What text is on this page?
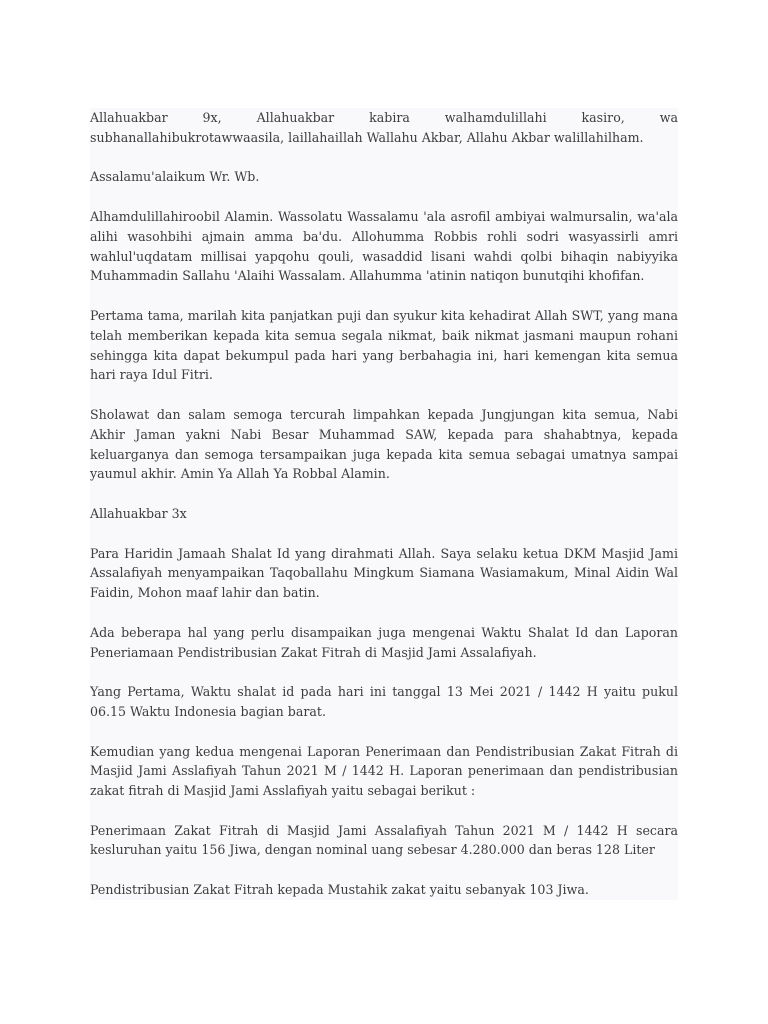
Allahuakbar 9x, Allahuakbar kabira walhamdulillahi kasiro, wa subhanallahibukrotawwaasila, laillahaillah Wallahu Akbar, Allahu Akbar walillahilham.

Assalamu'alaikum Wr. Wb.

Alhamdulillahiroobil Alamin. Wassolatu Wassalamu 'ala asrofil ambiyai walmursalin, wa'ala alihi wasohbihi ajmain amma ba'du. Allohumma Robbis rohli sodri wasyassirli amri wahlul'uqdatam millisai yapqohu qouli, wasaddid lisani wahdi qolbi bihaqin nabiyyika Muhammadin Sallahu 'Alaihi Wassalam. Allahumma 'atinin natiqon bunutqihi khofifan.

Pertama tama, marilah kita panjatkan puji dan syukur kita kehadirat Allah SWT, yang mana telah memberikan kepada kita semua segala nikmat, baik nikmat jasmani maupun rohani sehingga kita dapat bekumpul pada hari yang berbahagia ini, hari kemengan kita semua hari raya Idul Fitri.

Sholawat dan salam semoga tercurah limpahkan kepada Jungjungan kita semua, Nabi Akhir Jaman yakni Nabi Besar Muhammad SAW, kepada para shahabtnya, kepada keluarganya dan semoga tersampaikan juga kepada kita semua sebagai umatnya sampai yaumul akhir. Amin Ya Allah Ya Robbal Alamin.

Allahuakbar 3x

Para Haridin Jamaah Shalat Id yang dirahmati Allah. Saya selaku ketua DKM Masjid Jami Assalafiyah menyampaikan Taqoballahu Mingkum Siamana Wasiamakum, Minal Aidin Wal Faidin, Mohon maaf lahir dan batin.

Ada beberapa hal yang perlu disampaikan juga mengenai Waktu Shalat Id dan Laporan Peneriamaan Pendistribusian Zakat Fitrah di Masjid Jami Assalafiyah.

Yang Pertama, Waktu shalat id pada hari ini tanggal 13 Mei 2021 / 1442 H yaitu pukul 06.15 Waktu Indonesia bagian barat.

Kemudian yang kedua mengenai Laporan Penerimaan dan Pendistribusian Zakat Fitrah di Masjid Jami Asslafiyah Tahun 2021 M / 1442 H. Laporan penerimaan dan pendistribusian zakat fitrah di Masjid Jami Asslafiyah yaitu sebagai berikut :

Penerimaan Zakat Fitrah di Masjid Jami Assalafiyah Tahun 2021 M / 1442 H secara kesluruhan yaitu 156 Jiwa, dengan nominal uang sebesar 4.280.000 dan beras 128 Liter

Pendistribusian Zakat Fitrah kepada Mustahik zakat yaitu sebanyak 103 Jiwa.
